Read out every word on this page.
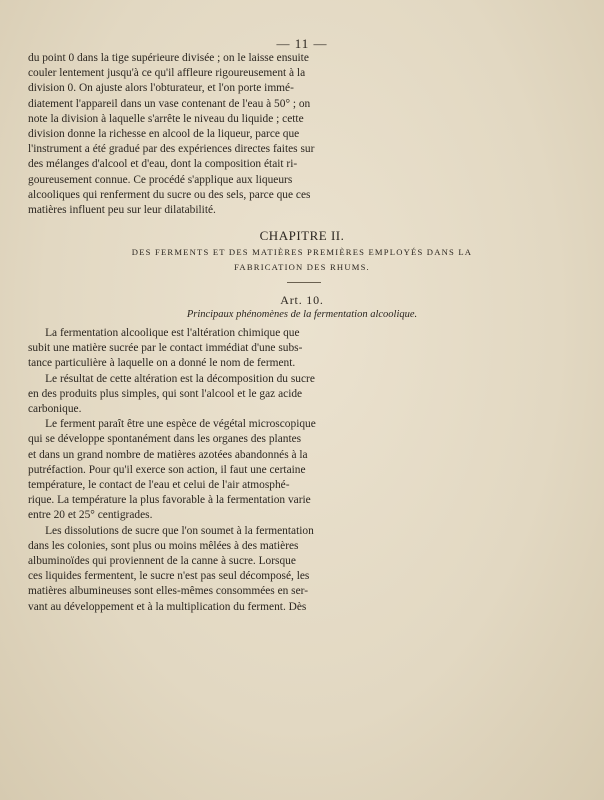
— 11 —

du point 0 dans la tige supérieure divisée ; on le laisse ensuite
couler lentement jusqu'à ce qu'il affleure rigoureusement à la
division 0. On ajuste alors l'obturateur, et l'on porte immé-
diatement l'appareil dans un vase contenant de l'eau à 50° ; on
note la division à laquelle s'arrête le niveau du liquide ; cette
division donne la richesse en alcool de la liqueur, parce que
l'instrument a été gradué par des expériences directes faites sur
des mélanges d'alcool et d'eau, dont la composition était ri-
goureusement connue. Ce procédé s'applique aux liqueurs
alcooliques qui renferment du sucre ou des sels, parce que ces
matières influent peu sur leur dilatabilité.

CHAPITRE II.
DES FERMENTS ET DES MATIÈRES PREMIÈRES EMPLOYÉS DANS LA
FABRICATION DES RHUMS.
Art. 10.
Principaux phénomènes de la fermentation alcoolique.

La fermentation alcoolique est l'altération chimique que
subit une matière sucrée par le contact immédiat d'une subs-
tance particulière à laquelle on a donné le nom de ferment.

Le résultat de cette altération est la décomposition du sucre
en des produits plus simples, qui sont l'alcool et le gaz acide
carbonique.

Le ferment paraît être une espèce de végétal microscopique
qui se développe spontanément dans les organes des plantes
et dans un grand nombre de matières azotées abandonnés à la
putréfaction. Pour qu'il exerce son action, il faut une certaine
température, le contact de l'eau et celui de l'air atmosphé-
rique. La température la plus favorable à la fermentation varie
entre 20 et 25° centigrades.

Les dissolutions de sucre que l'on soumet à la fermentation
dans les colonies, sont plus ou moins mêlées à des matières
albuminoïdes qui proviennent de la canne à sucre. Lorsque
ces liquides fermentent, le sucre n'est pas seul décomposé, les
matières albumineuses sont elles-mêmes consommées en ser-
vant au développement et à la multiplication du ferment. Dès
